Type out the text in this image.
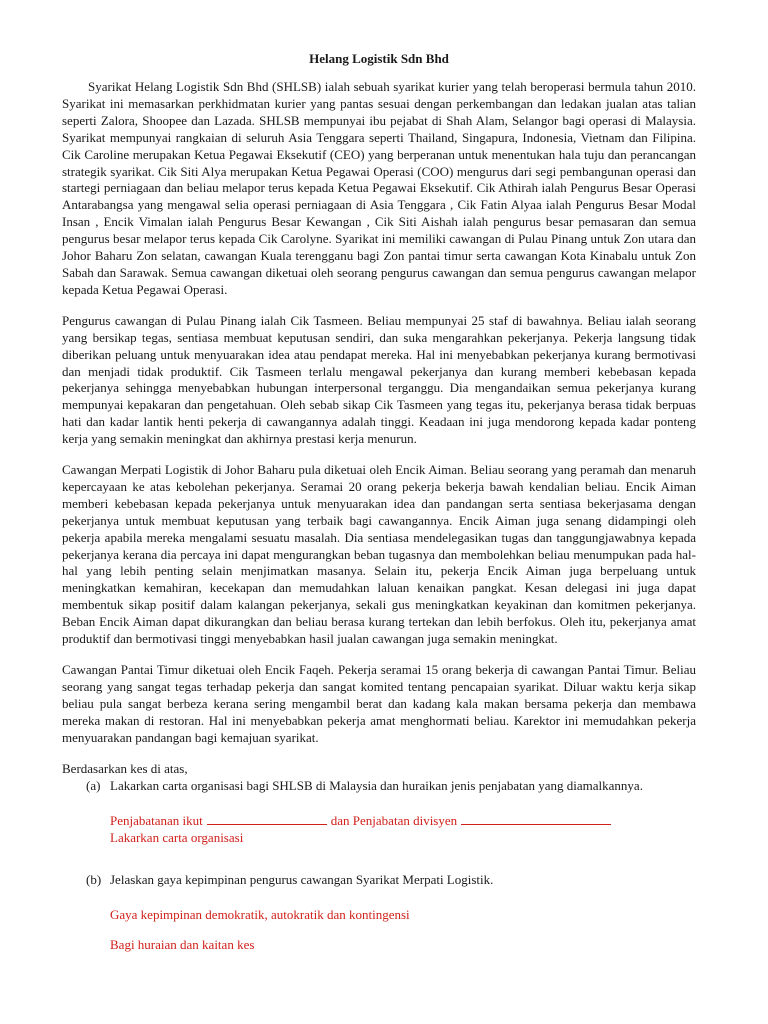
Helang Logistik Sdn Bhd

Syarikat Helang Logistik Sdn Bhd (SHLSB) ialah sebuah syarikat kurier yang telah beroperasi bermula tahun 2010. Syarikat ini memasarkan perkhidmatan kurier yang pantas sesuai dengan perkembangan dan ledakan jualan atas talian seperti Zalora, Shoopee dan Lazada. SHLSB mempunyai ibu pejabat di Shah Alam, Selangor bagi operasi di Malaysia. Syarikat mempunyai rangkaian di seluruh Asia Tenggara seperti Thailand, Singapura, Indonesia, Vietnam dan Filipina. Cik Caroline merupakan Ketua Pegawai Eksekutif (CEO) yang berperanan untuk menentukan hala tuju dan perancangan strategik syarikat. Cik Siti Alya merupakan Ketua Pegawai Operasi (COO) mengurus dari segi pembangunan operasi dan startegi perniagaan dan beliau melapor terus kepada Ketua Pegawai Eksekutif. Cik Athirah ialah Pengurus Besar Operasi Antarabangsa yang mengawal selia operasi perniagaan di Asia Tenggara , Cik Fatin Alyaa ialah Pengurus Besar Modal Insan , Encik Vimalan ialah Pengurus Besar Kewangan , Cik Siti Aishah ialah pengurus besar pemasaran dan semua pengurus besar melapor terus kepada Cik Carolyne. Syarikat ini memiliki cawangan di Pulau Pinang untuk Zon utara dan Johor Baharu Zon selatan, cawangan Kuala terengganu bagi Zon pantai timur serta cawangan Kota Kinabalu untuk Zon Sabah dan Sarawak. Semua cawangan diketuai oleh seorang pengurus cawangan dan semua pengurus cawangan melapor kepada Ketua Pegawai Operasi.

Pengurus cawangan di Pulau Pinang ialah Cik Tasmeen. Beliau mempunyai 25 staf di bawahnya. Beliau ialah seorang yang bersikap tegas, sentiasa membuat keputusan sendiri, dan suka mengarahkan pekerjanya. Pekerja langsung tidak diberikan peluang untuk menyuarakan idea atau pendapat mereka. Hal ini menyebabkan pekerjanya kurang bermotivasi dan menjadi tidak produktif. Cik Tasmeen terlalu mengawal pekerjanya dan kurang memberi kebebasan kepada pekerjanya sehingga menyebabkan hubungan interpersonal terganggu. Dia mengandaikan semua pekerjanya kurang mempunyai kepakaran dan pengetahuan. Oleh sebab sikap Cik Tasmeen yang tegas itu, pekerjanya berasa tidak berpuas hati dan kadar lantik henti pekerja di cawangannya adalah tinggi. Keadaan ini juga mendorong kepada kadar ponteng kerja yang semakin meningkat dan akhirnya prestasi kerja menurun.

Cawangan Merpati Logistik di Johor Baharu pula diketuai oleh Encik Aiman. Beliau seorang yang peramah dan menaruh kepercayaan ke atas kebolehan pekerjanya. Seramai 20 orang pekerja bekerja bawah kendalian beliau. Encik Aiman memberi kebebasan kepada pekerjanya untuk menyuarakan idea dan pandangan serta sentiasa bekerjasama dengan pekerjanya untuk membuat keputusan yang terbaik bagi cawangannya. Encik Aiman juga senang didampingi oleh pekerja apabila mereka mengalami sesuatu masalah. Dia sentiasa mendelegasikan tugas dan tanggungjawabnya kepada pekerjanya kerana dia percaya ini dapat mengurangkan beban tugasnya dan membolehkan beliau menumpukan pada hal-hal yang lebih penting selain menjimatkan masanya. Selain itu, pekerja Encik Aiman juga berpeluang untuk meningkatkan kemahiran, kecekapan dan memudahkan laluan kenaikan pangkat. Kesan delegasi ini juga dapat membentuk sikap positif dalam kalangan pekerjanya, sekali gus meningkatkan keyakinan dan komitmen pekerjanya. Beban Encik Aiman dapat dikurangkan dan beliau berasa kurang tertekan dan lebih berfokus. Oleh itu, pekerjanya amat produktif dan bermotivasi tinggi menyebabkan hasil jualan cawangan juga semakin meningkat.

Cawangan Pantai Timur diketuai oleh Encik Faqeh. Pekerja seramai 15 orang bekerja di cawangan Pantai Timur. Beliau seorang yang sangat tegas terhadap pekerja dan sangat komited tentang pencapaian syarikat. Diluar waktu kerja sikap beliau pula sangat berbeza kerana sering mengambil berat dan kadang kala makan bersama pekerja dan membawa mereka makan di restoran. Hal ini menyebabkan pekerja amat menghormati beliau. Karektor ini memudahkan pekerja menyuarakan pandangan bagi kemajuan syarikat.

Berdasarkan kes di atas,

(a) Lakarkan carta organisasi bagi SHLSB di Malaysia dan huraikan jenis penjabatan yang diamalkannya.
Penjabatanan ikut	dan Penjabatan divisyen
Lakarkan carta organisasi
(b) Jelaskan gaya kepimpinan pengurus cawangan Syarikat Merpati Logistik.
Gaya kepimpinan demokratik, autokratik dan kontingensi
Bagi huraian dan kaitan kes
